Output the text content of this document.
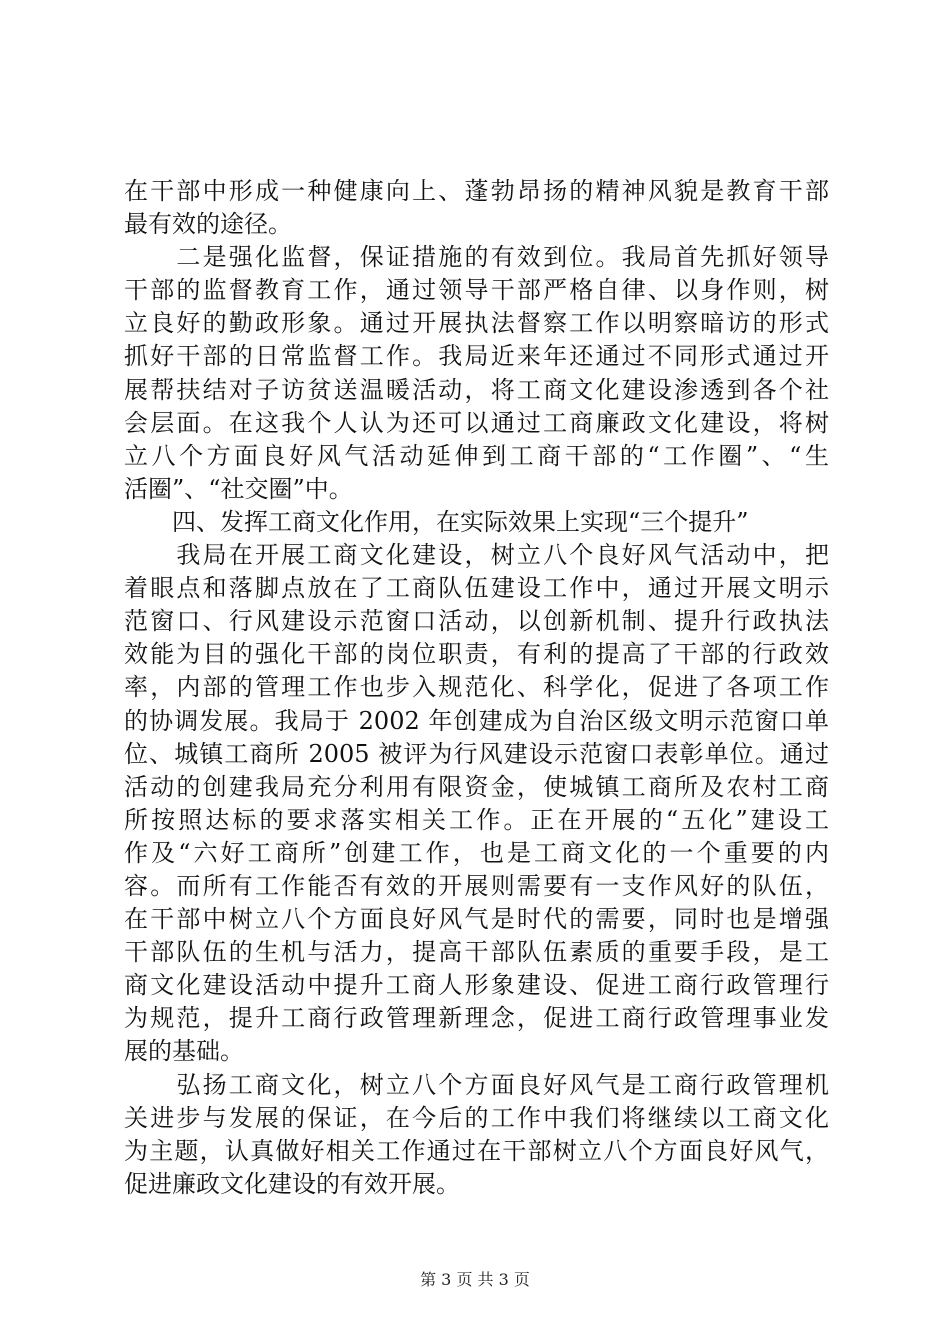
在干部中形成一种健康向上、蓬勃昂扬的精神风貌是教育干部
最有效的途径。
　　二是强化监督，保证措施的有效到位。我局首先抓好领导
干部的监督教育工作，通过领导干部严格自律、以身作则，树
立良好的勤政形象。通过开展执法督察工作以明察暗访的形式
抓好干部的日常监督工作。我局近来年还通过不同形式通过开
展帮扶结对子访贫送温暖活动，将工商文化建设渗透到各个社
会层面。在这我个人认为还可以通过工商廉政文化建设，将树
立八个方面良好风气活动延伸到工商干部的“工作圈”、“生
活圈”、“社交圈”中。
　　四、发挥工商文化作用，在实际效果上实现“三个提升”
　　我局在开展工商文化建设，树立八个良好风气活动中，把
着眼点和落脚点放在了工商队伍建设工作中，通过开展文明示
范窗口、行风建设示范窗口活动，以创新机制、提升行政执法
效能为目的强化干部的岗位职责，有利的提高了干部的行政效
率，内部的管理工作也步入规范化、科学化，促进了各项工作
的协调发展。我局于 2002 年创建成为自治区级文明示范窗口单
位、城镇工商所 2005 被评为行风建设示范窗口表彰单位。通过
活动的创建我局充分利用有限资金，使城镇工商所及农村工商
所按照达标的要求落实相关工作。正在开展的“五化”建设工
作及“六好工商所”创建工作，也是工商文化的一个重要的内
容。而所有工作能否有效的开展则需要有一支作风好的队伍，
在干部中树立八个方面良好风气是时代的需要，同时也是增强
干部队伍的生机与活力，提高干部队伍素质的重要手段，是工
商文化建设活动中提升工商人形象建设、促进工商行政管理行
为规范，提升工商行政管理新理念，促进工商行政管理事业发
展的基础。
　　弘扬工商文化，树立八个方面良好风气是工商行政管理机
关进步与发展的保证，在今后的工作中我们将继续以工商文化
为主题，认真做好相关工作通过在干部树立八个方面良好风气，
促进廉政文化建设的有效开展。
第 3 页 共 3 页
